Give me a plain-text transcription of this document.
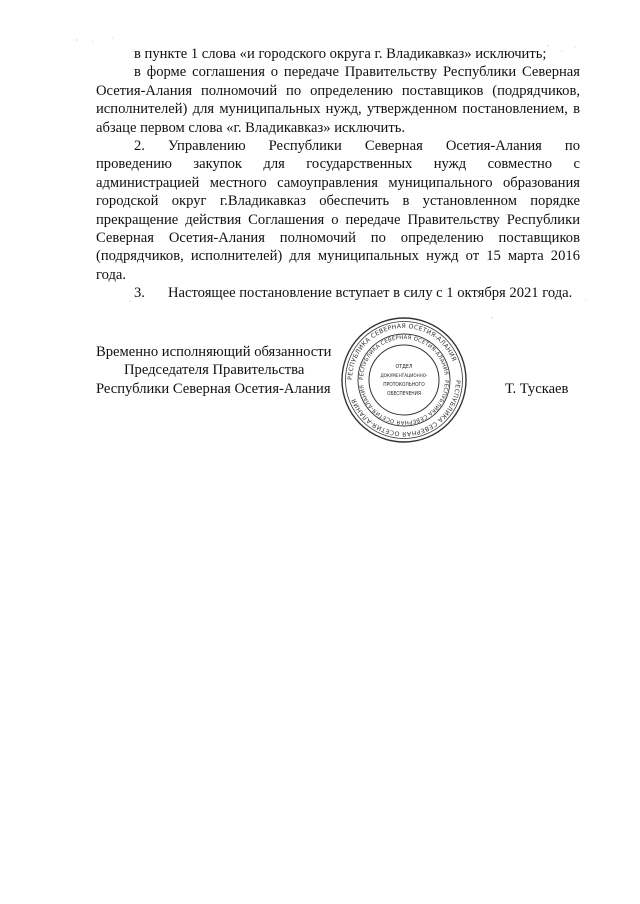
в пункте 1 слова «и городского округа г. Владикавказ» исключить;

в форме соглашения о передаче Правительству Республики Северная Осетия-Алания полномочий по определению поставщиков (подрядчиков, исполнителей) для муниципальных нужд, утвержденном постановлением, в абзаце первом слова «г. Владикавказ» исключить.

2. Управлению Республики Северная Осетия-Алания по проведению закупок для государственных нужд совместно с администрацией местного самоуправления муниципального образования городской округ г.Владикавказ обеспечить в установленном порядке прекращение действия Соглашения о передаче Правительству Республики Северная Осетия-Алания полномочий по определению поставщиков (подрядчиков, исполнителей) для муниципальных нужд от 15 марта 2016 года.

3. Настоящее постановление вступает в силу с 1 октября 2021 года.

Временно исполняющий обязанности
Председателя Правительства
Республики Северная Осетия-Алания
РЕСПУБЛИКА СЕВЕРНАЯ ОСЕТИЯ-АЛАНИЯ
РЕСПУБЛИКА СЕВЕРНАЯ ОСЕТИЯ-АЛАНИЯ
РЕСПУБЛИКА СЕВЕРНАЯ ОСЕТИЯ-АЛАНИЯ
РЕСПУБЛИКА СЕВЕРНАЯ ОСЕТИЯ-АЛАНИЯ
ОТДЕЛ
ДОКУМЕНТАЦИОННО-
ПРОТОКОЛЬНОГО
ОБЕСПЕЧЕНИЯ	Т. Тускаев
